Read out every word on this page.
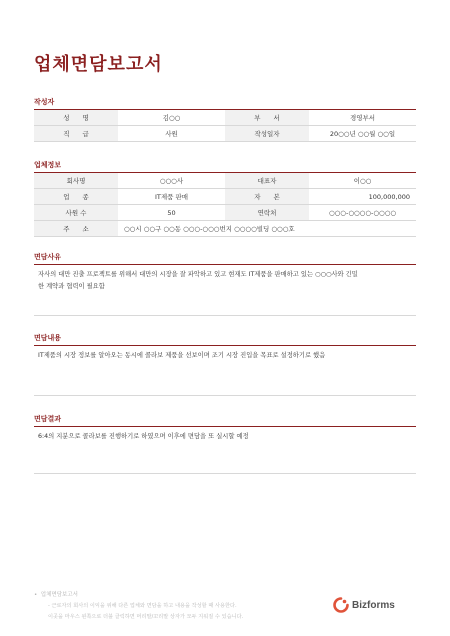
업체면담보고서
작성자
성　　명	김○○	부　　서	경영부서
직　　급	사원	작성일자	20○○년 ○○월 ○○일
업체정보
회사명	○○○사	대표자	이○○
업　　종	IT제품 판매	자　　본	100,000,000
사원 수	50	연락처	○○○-○○○○-○○○○
주　　소	○○시 ○○구 ○○동 ○○○-○○○번지 ○○○○빌딩 ○○○호		
면담사유
자사의 대만 진출 프로젝트를 위해서 대만의 시장을 잘 파악하고 있고 현재도 IT제품을 판매하고 있는 ○○○사와 긴밀
한 계약과 협력이 필요함
면담내용
IT제품의 시장 정보를 알아오는 동시에 콜라보 제품을 선보이며 조기 시장 진입을 목표로 설정하기로 했음
면담결과
6:4의 지분으로 콜라보를 진행하기로 하였으며 이후에 면담을 또 실시할 예정
•  업체면담보고서
- 근로자의 회사의 이익을 위해 다른 업체와 면담을 하고 내용을 작성할 때 사용한다.
이곳을 마우스 왼쪽으로 더블 클릭하면 머리말/꼬리말 상자가 모두 지워질 수 있습니다.
Bizforms
